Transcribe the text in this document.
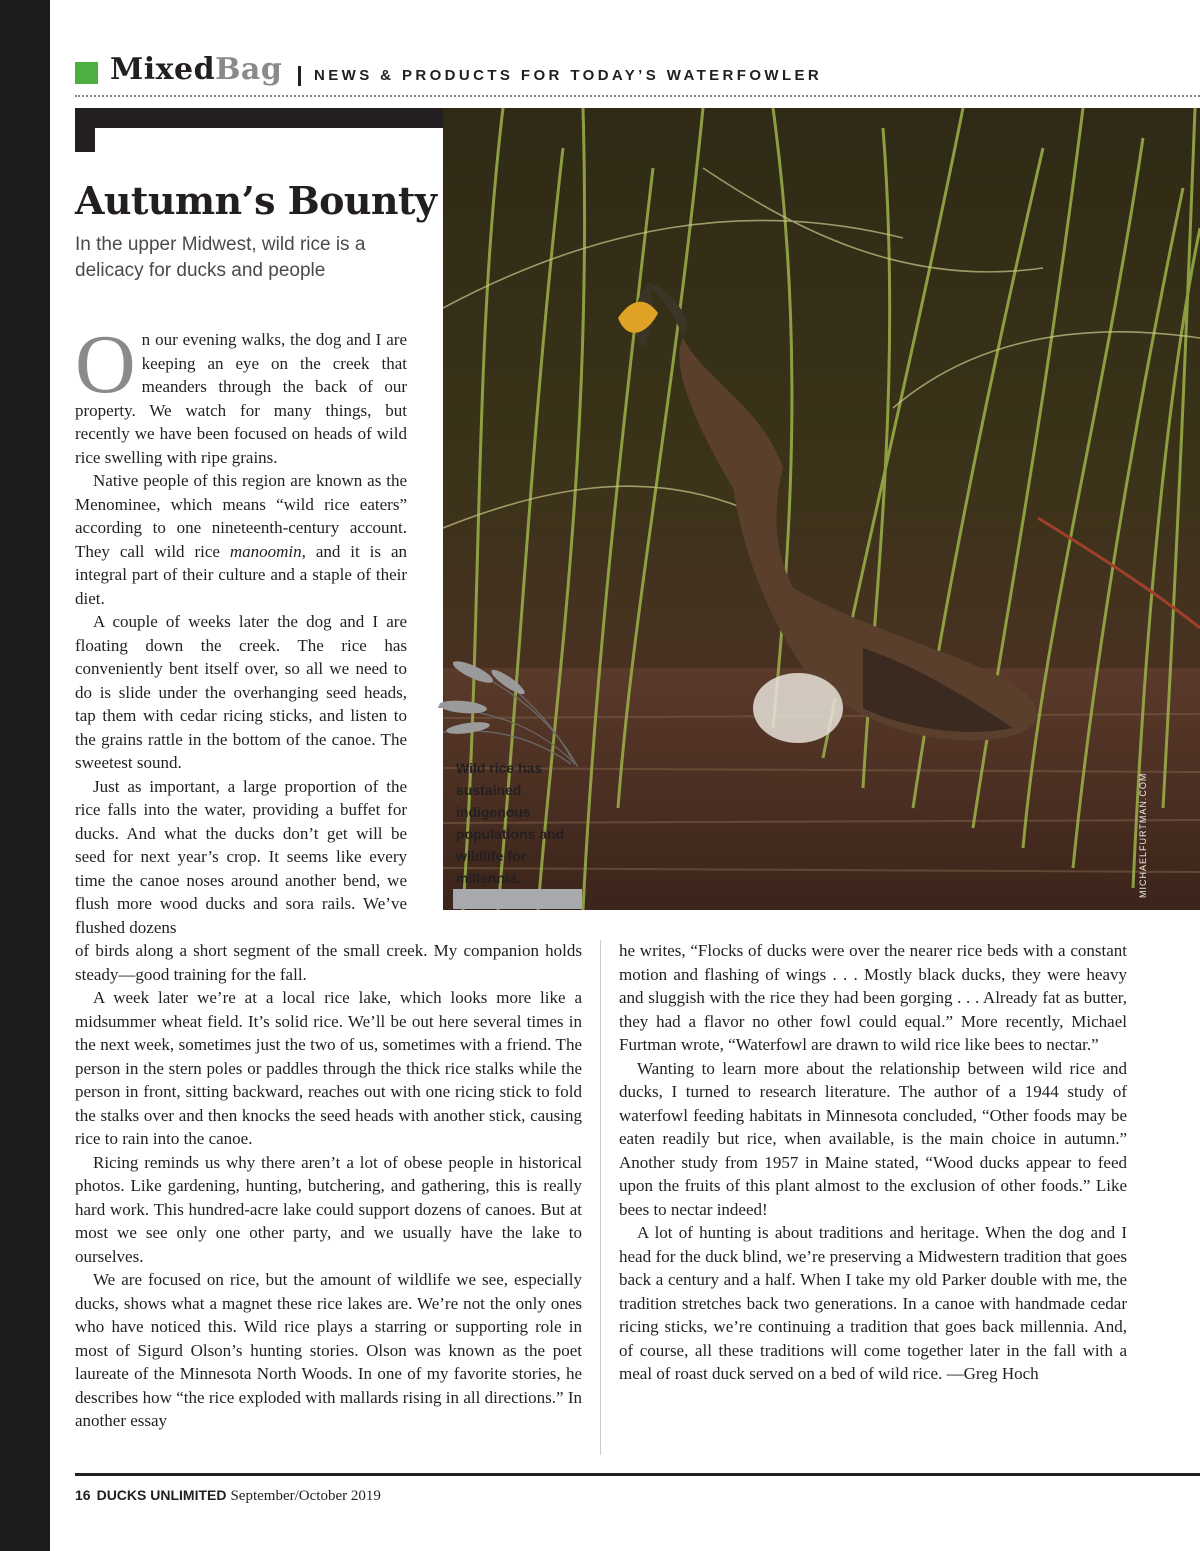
MixedBag NEWS & PRODUCTS FOR TODAY’S WATERFOWLER
Autumn’s Bounty

In the upper Midwest, wild rice is a delicacy for ducks and people

MICHAELFURTMAN.COM

On our evening walks, the dog and I are keeping an eye on the creek that meanders through the back of our property. We watch for many things, but recently we have been focused on heads of wild rice swelling with ripe grains.

Native people of this region are known as the Menominee, which means “wild rice eaters” according to one nineteenth-century account. They call wild rice manoomin, and it is an integral part of their culture and a staple of their diet.

A couple of weeks later the dog and I are floating down the creek. The rice has conveniently bent itself over, so all we need to do is slide under the overhanging seed heads, tap them with cedar ricing sticks, and listen to the grains rattle in the bottom of the canoe. The sweetest sound.

Just as important, a large proportion of the rice falls into the water, providing a buffet for ducks. And what the ducks don’t get will be seed for next year’s crop. It seems like every time the canoe noses around another bend, we flush more wood ducks and sora rails. We’ve flushed dozens

Wild rice has sustained indigenous populations and wildlife for millennia.

of birds along a short segment of the small creek. My companion holds steady—good training for the fall.

A week later we’re at a local rice lake, which looks more like a midsummer wheat field. It’s solid rice. We’ll be out here several times in the next week, sometimes just the two of us, sometimes with a friend. The person in the stern poles or paddles through the thick rice stalks while the person in front, sitting backward, reaches out with one ricing stick to fold the stalks over and then knocks the seed heads with another stick, causing rice to rain into the canoe.

Ricing reminds us why there aren’t a lot of obese people in historical photos. Like gardening, hunting, butchering, and gathering, this is really hard work. This hundred-acre lake could support dozens of canoes. But at most we see only one other party, and we usually have the lake to ourselves.

We are focused on rice, but the amount of wildlife we see, especially ducks, shows what a magnet these rice lakes are. We’re not the only ones who have noticed this. Wild rice plays a starring or supporting role in most of Sigurd Olson’s hunting stories. Olson was known as the poet laureate of the Minnesota North Woods. In one of my favorite stories, he describes how “the rice exploded with mallards rising in all directions.” In another essay

he writes, “Flocks of ducks were over the nearer rice beds with a constant motion and flashing of wings . . . Mostly black ducks, they were heavy and sluggish with the rice they had been gorging . . . Already fat as butter, they had a flavor no other fowl could equal.” More recently, Michael Furtman wrote, “Waterfowl are drawn to wild rice like bees to nectar.”

Wanting to learn more about the relationship between wild rice and ducks, I turned to research literature. The author of a 1944 study of waterfowl feeding habitats in Minnesota concluded, “Other foods may be eaten readily but rice, when available, is the main choice in autumn.” Another study from 1957 in Maine stated, “Wood ducks appear to feed upon the fruits of this plant almost to the exclusion of other foods.” Like bees to nectar indeed!

A lot of hunting is about traditions and heritage. When the dog and I head for the duck blind, we’re preserving a Midwestern tradition that goes back a century and a half. When I take my old Parker double with me, the tradition stretches back two generations. In a canoe with handmade cedar ricing sticks, we’re continuing a tradition that goes back millennia. And, of course, all these traditions will come together later in the fall with a meal of roast duck served on a bed of wild rice. —Greg Hoch

16 DUCKS UNLIMITED September/October 2019
